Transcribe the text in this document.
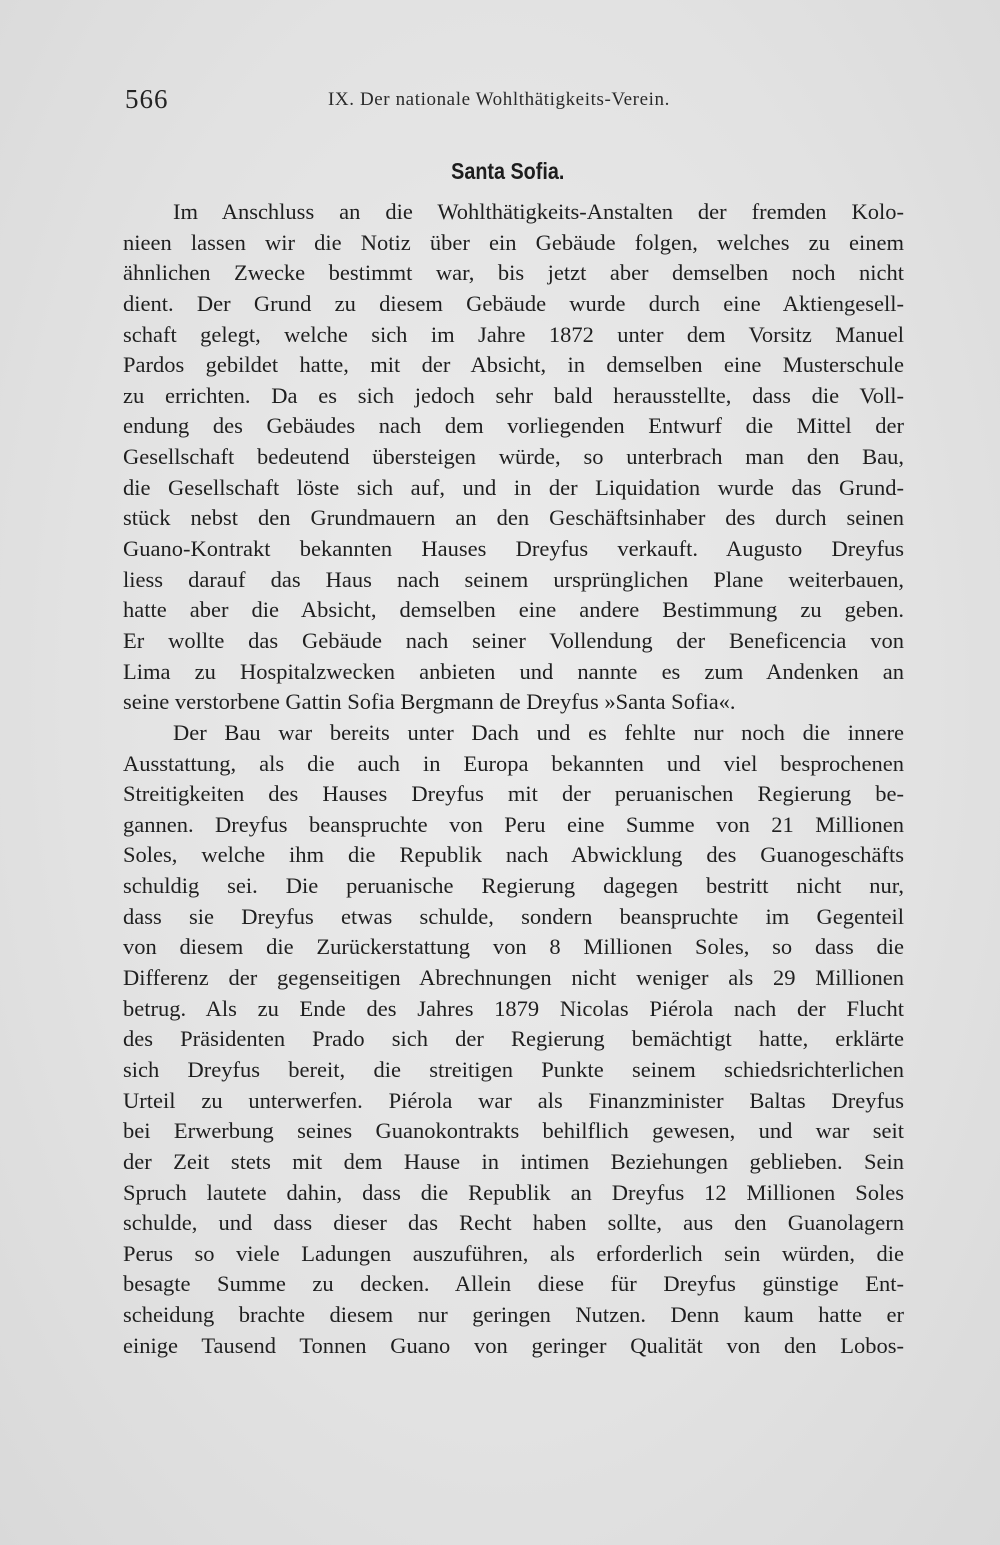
566	IX. Der nationale Wohlthätigkeits-Verein.
Santa Sofia.
Im Anschluss an die Wohlthätigkeits-Anstalten der fremden Kolo-
nieen lassen wir die Notiz über ein Gebäude folgen, welches zu einem
ähnlichen Zwecke bestimmt war, bis jetzt aber demselben noch nicht
dient. Der Grund zu diesem Gebäude wurde durch eine Aktiengesell-
schaft gelegt, welche sich im Jahre 1872 unter dem Vorsitz Manuel
Pardos gebildet hatte, mit der Absicht, in demselben eine Musterschule
zu errichten. Da es sich jedoch sehr bald herausstellte, dass die Voll-
endung des Gebäudes nach dem vorliegenden Entwurf die Mittel der
Gesellschaft bedeutend übersteigen würde, so unterbrach man den Bau,
die Gesellschaft löste sich auf, und in der Liquidation wurde das Grund-
stück nebst den Grundmauern an den Geschäftsinhaber des durch seinen
Guano-Kontrakt bekannten Hauses Dreyfus verkauft. Augusto Dreyfus
liess darauf das Haus nach seinem ursprünglichen Plane weiterbauen,
hatte aber die Absicht, demselben eine andere Bestimmung zu geben.
Er wollte das Gebäude nach seiner Vollendung der Beneficencia von
Lima zu Hospitalzwecken anbieten und nannte es zum Andenken an
seine verstorbene Gattin Sofia Bergmann de Dreyfus »Santa Sofia«.
Der Bau war bereits unter Dach und es fehlte nur noch die innere
Ausstattung, als die auch in Europa bekannten und viel besprochenen
Streitigkeiten des Hauses Dreyfus mit der peruanischen Regierung be-
gannen. Dreyfus beanspruchte von Peru eine Summe von 21 Millionen
Soles, welche ihm die Republik nach Abwicklung des Guanogeschäfts
schuldig sei. Die peruanische Regierung dagegen bestritt nicht nur,
dass sie Dreyfus etwas schulde, sondern beanspruchte im Gegenteil
von diesem die Zurückerstattung von 8 Millionen Soles, so dass die
Differenz der gegenseitigen Abrechnungen nicht weniger als 29 Millionen
betrug. Als zu Ende des Jahres 1879 Nicolas Piérola nach der Flucht
des Präsidenten Prado sich der Regierung bemächtigt hatte, erklärte
sich Dreyfus bereit, die streitigen Punkte seinem schiedsrichterlichen
Urteil zu unterwerfen. Piérola war als Finanzminister Baltas Dreyfus
bei Erwerbung seines Guanokontrakts behilflich gewesen, und war seit
der Zeit stets mit dem Hause in intimen Beziehungen geblieben. Sein
Spruch lautete dahin, dass die Republik an Dreyfus 12 Millionen Soles
schulde, und dass dieser das Recht haben sollte, aus den Guanolagern
Perus so viele Ladungen auszuführen, als erforderlich sein würden, die
besagte Summe zu decken. Allein diese für Dreyfus günstige Ent-
scheidung brachte diesem nur geringen Nutzen. Denn kaum hatte er
einige Tausend Tonnen Guano von geringer Qualität von den Lobos-
